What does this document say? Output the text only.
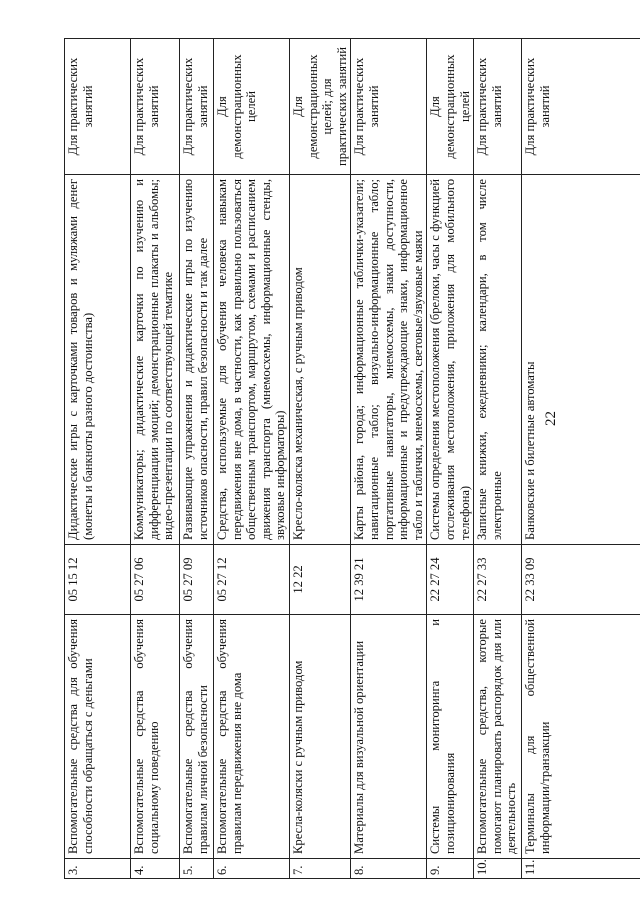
22
3.	Вспомогательные средства для обучения способности обращаться с деньгами	05 15 12	Дидактические игры с карточками товаров и муляжами денег (монеты и банкноты разного достоинства)	Для практических занятий
4.	Вспомогательные средства обучения социальному поведению	05 27 06	Коммуникаторы; дидактические карточки по изучению и дифференциации эмоций; демонстрационные плакаты и альбомы; видео-презентации по соответствующей тематике	Для практических занятий
5.	Вспомогательные средства обучения правилам личной безопасности	05 27 09	Развивающие упражнения и дидактические игры по изучению источников опасности, правил безопасности и так далее	Для практических занятий
6.	Вспомогательные средства обучения правилам передвижения вне дома	05 27 12	Средства, используемые для обучения человека навыкам передвижения вне дома, в частности, как правильно пользоваться общественным транспортом, маршрутом, схемами и расписанием движения транспорта (мнемосхемы, информационные стенды, звуковые информаторы)	Для демонстрационных целей
7.	Кресла-коляски с ручным приводом	12 22	Кресло-коляска механическая, с ручным приводом	Для демонстрационных целей; для практических занятий
8.	Материалы для визуальной ориентации	12 39 21	Карты района, города; информационные таблички-указатели; навигационные табло; визуально-информационные табло; портативные навигаторы, мнемосхемы, знаки доступности, информационные и предупреждающие знаки, информационное табло и таблички, мнемосхемы, световые/звуковые маяки	Для практических занятий
9.	Системы мониторинга и позиционирования	22 27 24	Системы определения местоположения (брелоки, часы с функцией отслеживания местоположения, приложения для мобильного телефона)	Для демонстрационных целей
10.	Вспомогательные средства, которые помогают планировать распорядок дня или деятельность	22 27 33	Записные книжки, ежедневники; календари, в том числе электронные	Для практических занятий
11.	Терминалы для общественной информации/транзакции	22 33 09	Банковские и билетные автоматы	Для практических занятий
